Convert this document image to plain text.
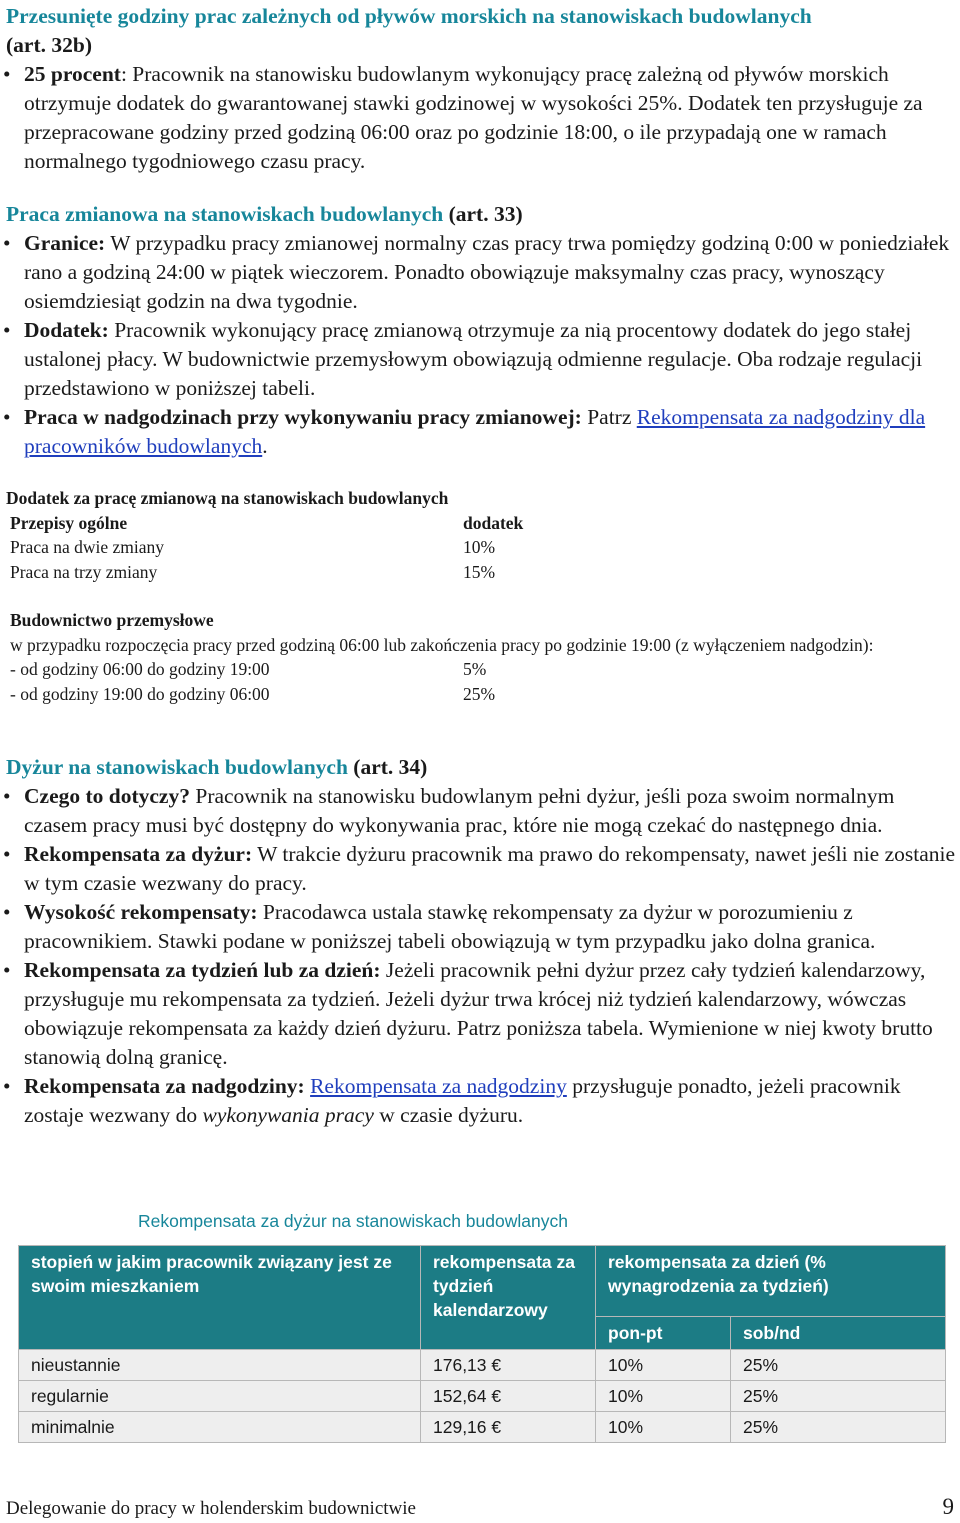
Przesunięte godziny prac zależnych od pływów morskich na stanowiskach budowlanych
(art. 32b)
• 25 procent: Pracownik na stanowisku budowlanym wykonujący pracę zależną od pływów morskich otrzymuje dodatek do gwarantowanej stawki godzinowej w wysokości 25%. Dodatek ten przysługuje za przepracowane godziny przed godziną 06:00 oraz po godzinie 18:00, o ile przypadają one w ramach normalnego tygodniowego czasu pracy.
Praca zmianowa na stanowiskach budowlanych (art. 33)
• Granice: W przypadku pracy zmianowej normalny czas pracy trwa pomiędzy godziną 0:00 w poniedziałek rano a godziną 24:00 w piątek wieczorem. Ponadto obowiązuje maksymalny czas pracy, wynoszący osiemdziesiąt godzin na dwa tygodnie.
• Dodatek: Pracownik wykonujący pracę zmianową otrzymuje za nią procentowy dodatek do jego stałej ustalonej płacy. W budownictwie przemysłowym obowiązują odmienne regulacje. Oba rodzaje regulacji przedstawiono w poniższej tabeli.
• Praca w nadgodzinach przy wykonywaniu pracy zmianowej: Patrz Rekompensata za nadgodziny dla pracowników budowlanych.
Dodatek za pracę zmianową na stanowiskach budowlanych
Przepisy ogólne	dodatek
Praca na dwie zmiany	10%
Praca na trzy zmiany	15%
Budownictwo przemysłowe
w przypadku rozpoczęcia pracy przed godziną 06:00 lub zakończenia pracy po godzinie 19:00 (z wyłączeniem nadgodzin):
- od godziny 06:00 do godziny 19:00	5%
- od godziny 19:00 do godziny 06:00	25%
Dyżur na stanowiskach budowlanych (art. 34)
• Czego to dotyczy? Pracownik na stanowisku budowlanym pełni dyżur, jeśli poza swoim normalnym czasem pracy musi być dostępny do wykonywania prac, które nie mogą czekać do następnego dnia.
• Rekompensata za dyżur: W trakcie dyżuru pracownik ma prawo do rekompensaty, nawet jeśli nie zostanie w tym czasie wezwany do pracy.
• Wysokość rekompensaty: Pracodawca ustala stawkę rekompensaty za dyżur w porozumieniu z pracownikiem. Stawki podane w poniższej tabeli obowiązują w tym przypadku jako dolna granica.
• Rekompensata za tydzień lub za dzień: Jeżeli pracownik pełni dyżur przez cały tydzień kalendarzowy, przysługuje mu rekompensata za tydzień. Jeżeli dyżur trwa krócej niż tydzień kalendarzowy, wówczas obowiązuje rekompensata za każdy dzień dyżuru. Patrz poniższa tabela. Wymienione w niej kwoty brutto stanowią dolną granicę.
• Rekompensata za nadgodziny: Rekompensata za nadgodziny przysługuje ponadto, jeżeli pracownik zostaje wezwany do wykonywania pracy w czasie dyżuru.
Rekompensata za dyżur na stanowiskach budowlanych
stopień w jakim pracownik związany jest ze swoim mieszkaniem	rekompensata za tydzień kalendarzowy	rekompensata za dzień (% wynagrodzenia za tydzień)	
		pon-pt	sob/nd
nieustannie	176,13 €	10%	25%
regularnie	152,64 €	10%	25%
minimalnie	129,16 €	10%	25%
Delegowanie do pracy w holenderskim budownictwie	9
